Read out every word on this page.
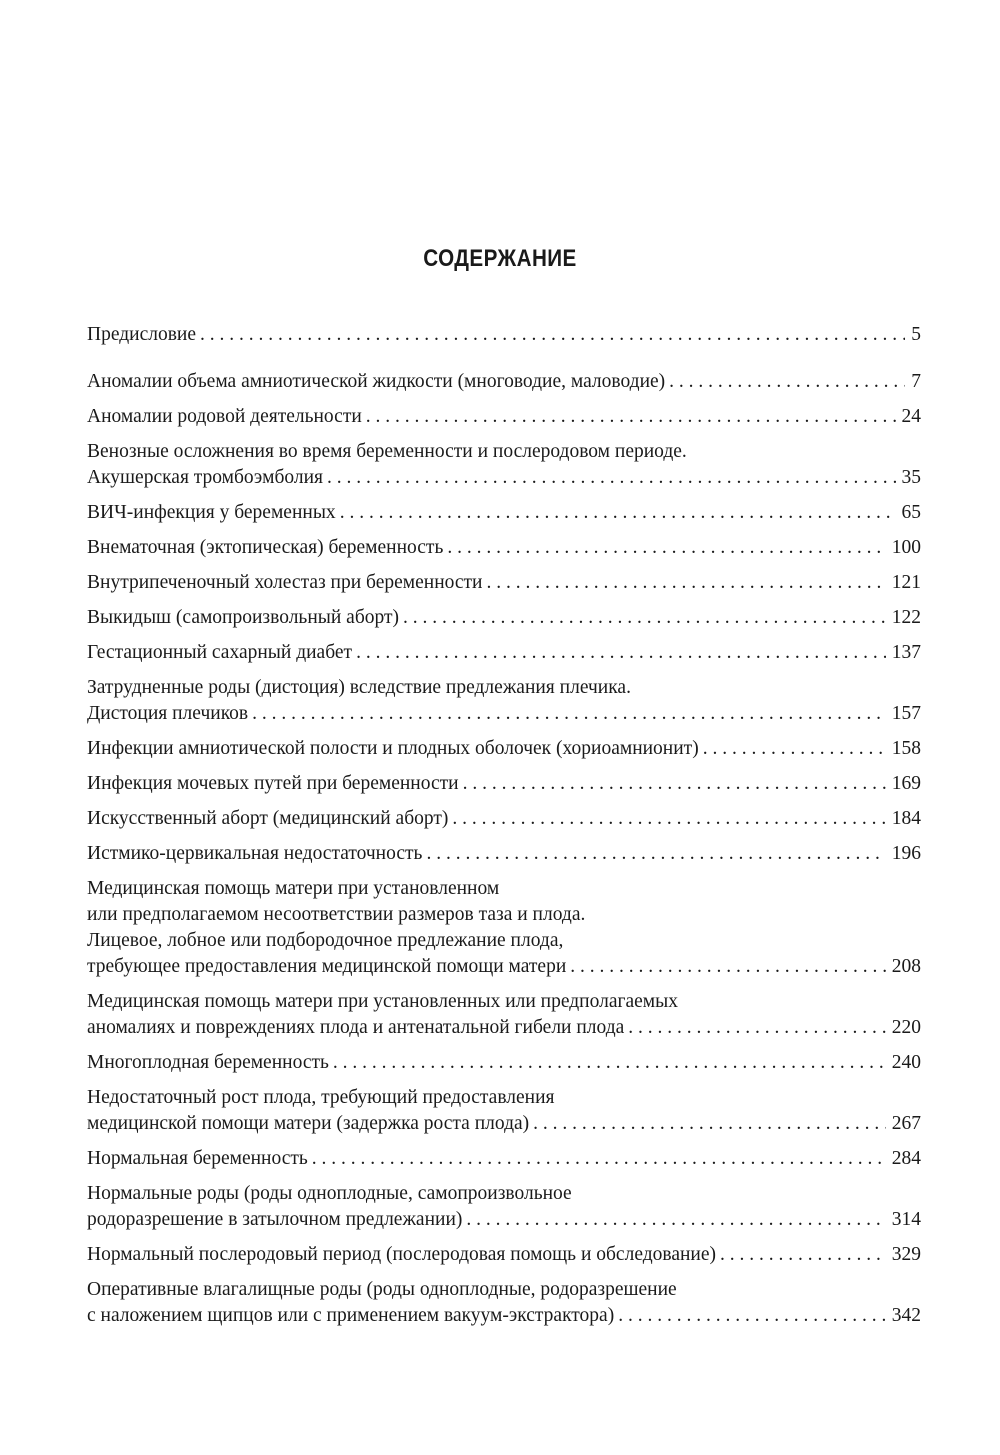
СОДЕРЖАНИЕ
Предисловие . . .	5
Аномалии объема амниотической жидкости (многоводие, маловодие) . . .	7
Аномалии родовой деятельности . . .	24
Венозные осложнения во время беременности и послеродовом периоде.
Акушерская тромбоэмболия . . .	35
ВИЧ-инфекция у беременных . . .	65
Внематочная (эктопическая) беременность . . .	100
Внутрипеченочный холестаз при беременности . . .	121
Выкидыш (самопроизвольный аборт) . . .	122
Гестационный сахарный диабет . . .	137
Затрудненные роды (дистоция) вследствие предлежания плечика.
Дистоция плечиков . . .	157
Инфекции амниотической полости и плодных оболочек (хориоамнионит) . . .	158
Инфекция мочевых путей при беременности . . .	169
Искусственный аборт (медицинский аборт) . . .	184
Истмико-цервикальная недостаточность . . .	196
Медицинская помощь матери при установленном
или предполагаемом несоответствии размеров таза и плода.
Лицевое, лобное или подбородочное предлежание плода,
требующее предоставления медицинской помощи матери . . .	208
Медицинская помощь матери при установленных или предполагаемых
аномалиях и повреждениях плода и антенатальной гибели плода . . .	220
Многоплодная беременность . . .	240
Недостаточный рост плода, требующий предоставления
медицинской помощи матери (задержка роста плода) . . .	267
Нормальная беременность . . .	284
Нормальные роды (роды одноплодные, самопроизвольное
родоразрешение в затылочном предлежании) . . .	314
Нормальный послеродовый период (послеродовая помощь и обследование) . . .	329
Оперативные влагалищные роды (роды одноплодные, родоразрешение
с наложением щипцов или с применением вакуум-экстрактора) . . .	342
